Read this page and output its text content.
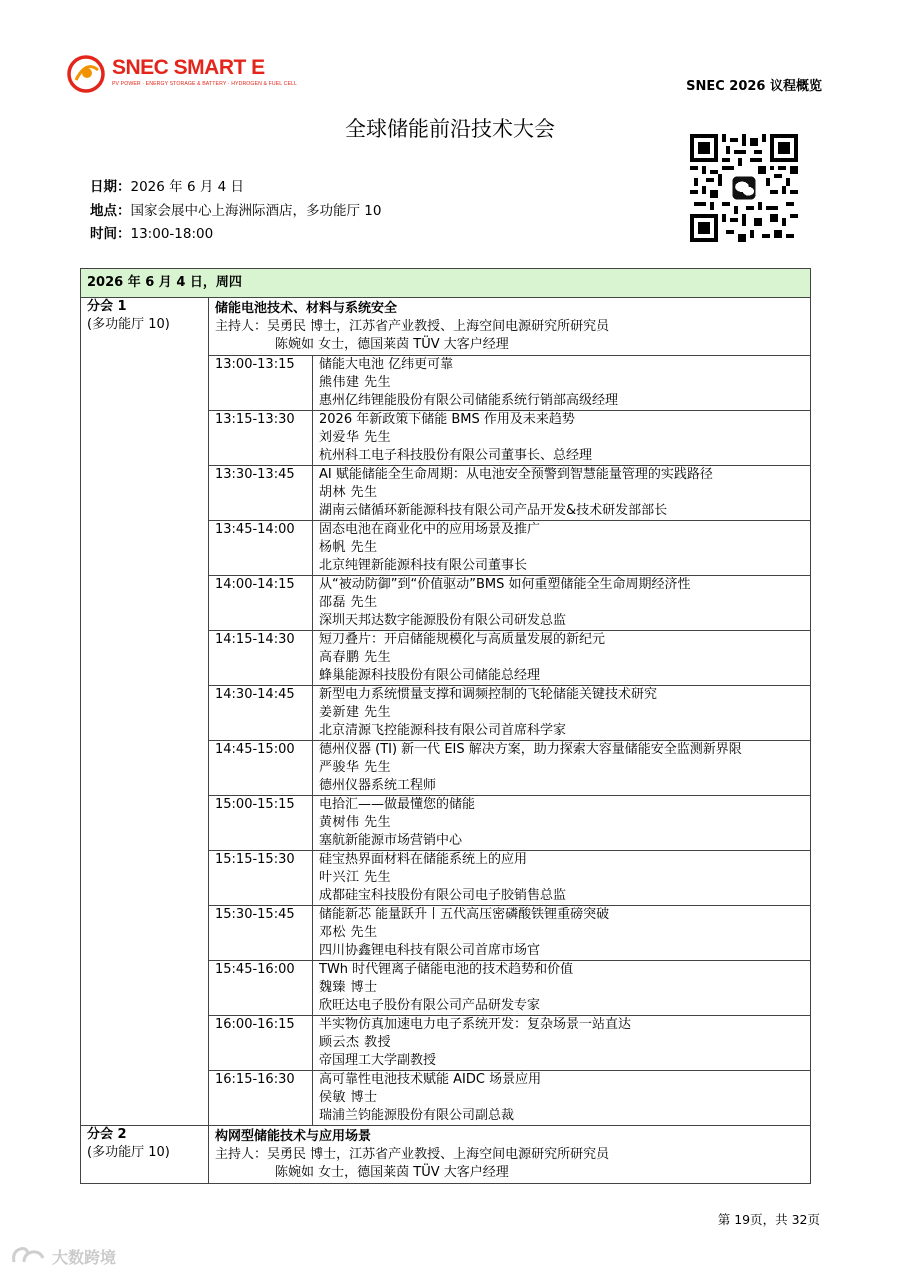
SNEC SMART E
PV POWER · ENERGY STORAGE & BATTERY · HYDROGEN & FUEL CELL	SNEC 2026 议程概览
全球储能前沿技术大会
日期：2026 年 6 月 4 日
地点：国家会展中心上海洲际酒店，多功能厅 10
时间：13:00-18:00
2026 年 6 月 4 日，周四		

分会 1
(多功能厅 10)	储能电池技术、材料与系统安全
主持人：吴勇民 博士，江苏省产业教授、上海空间电源研究所研究员
陈婉如 女士，德国莱茵 TÜV 大客户经理	

	13:00-13:15	储能大电池 亿纬更可靠
熊伟建 先生
惠州亿纬锂能股份有限公司储能系统行销部高级经理

	13:15-13:30	2026 年新政策下储能 BMS 作用及未来趋势
刘爱华 先生
杭州科工电子科技股份有限公司董事长、总经理

	13:30-13:45	AI 赋能储能全生命周期：从电池安全预警到智慧能量管理的实践路径
胡林 先生
湖南云储循环新能源科技有限公司产品开发&技术研发部部长

	13:45-14:00	固态电池在商业化中的应用场景及推广
杨帆 先生
北京纯锂新能源科技有限公司董事长

	14:00-14:15	从“被动防御”到“价值驱动”BMS 如何重塑储能全生命周期经济性
邵磊 先生
深圳天邦达数字能源股份有限公司研发总监

	14:15-14:30	短刀叠片：开启储能规模化与高质量发展的新纪元
高春鹏 先生
蜂巢能源科技股份有限公司储能总经理

	14:30-14:45	新型电力系统惯量支撑和调频控制的飞轮储能关键技术研究
姜新建 先生
北京清源飞控能源科技有限公司首席科学家

	14:45-15:00	德州仪器 (TI) 新一代 EIS 解决方案，助力探索大容量储能安全监测新界限
严骏华 先生
德州仪器系统工程师

	15:00-15:15	电拾汇——做最懂您的储能
黄树伟 先生
塞航新能源市场营销中心

	15:15-15:30	硅宝热界面材料在储能系统上的应用
叶兴江 先生
成都硅宝科技股份有限公司电子胶销售总监

	15:30-15:45	储能新芯 能量跃升丨五代高压密磷酸铁锂重磅突破
邓松 先生
四川协鑫锂电科技有限公司首席市场官

	15:45-16:00	TWh 时代锂离子储能电池的技术趋势和价值
魏臻 博士
欣旺达电子股份有限公司产品研发专家

	16:00-16:15	半实物仿真加速电力电子系统开发：复杂场景一站直达
顾云杰 教授
帝国理工大学副教授

	16:15-16:30	高可靠性电池技术赋能 AIDC 场景应用
侯敏 博士
瑞浦兰钧能源股份有限公司副总裁

分会 2
(多功能厅 10)	构网型储能技术与应用场景
主持人：吴勇民 博士，江苏省产业教授、上海空间电源研究所研究员
陈婉如 女士，德国莱茵 TÜV 大客户经理	
第 19页，共 32页
大数跨境
